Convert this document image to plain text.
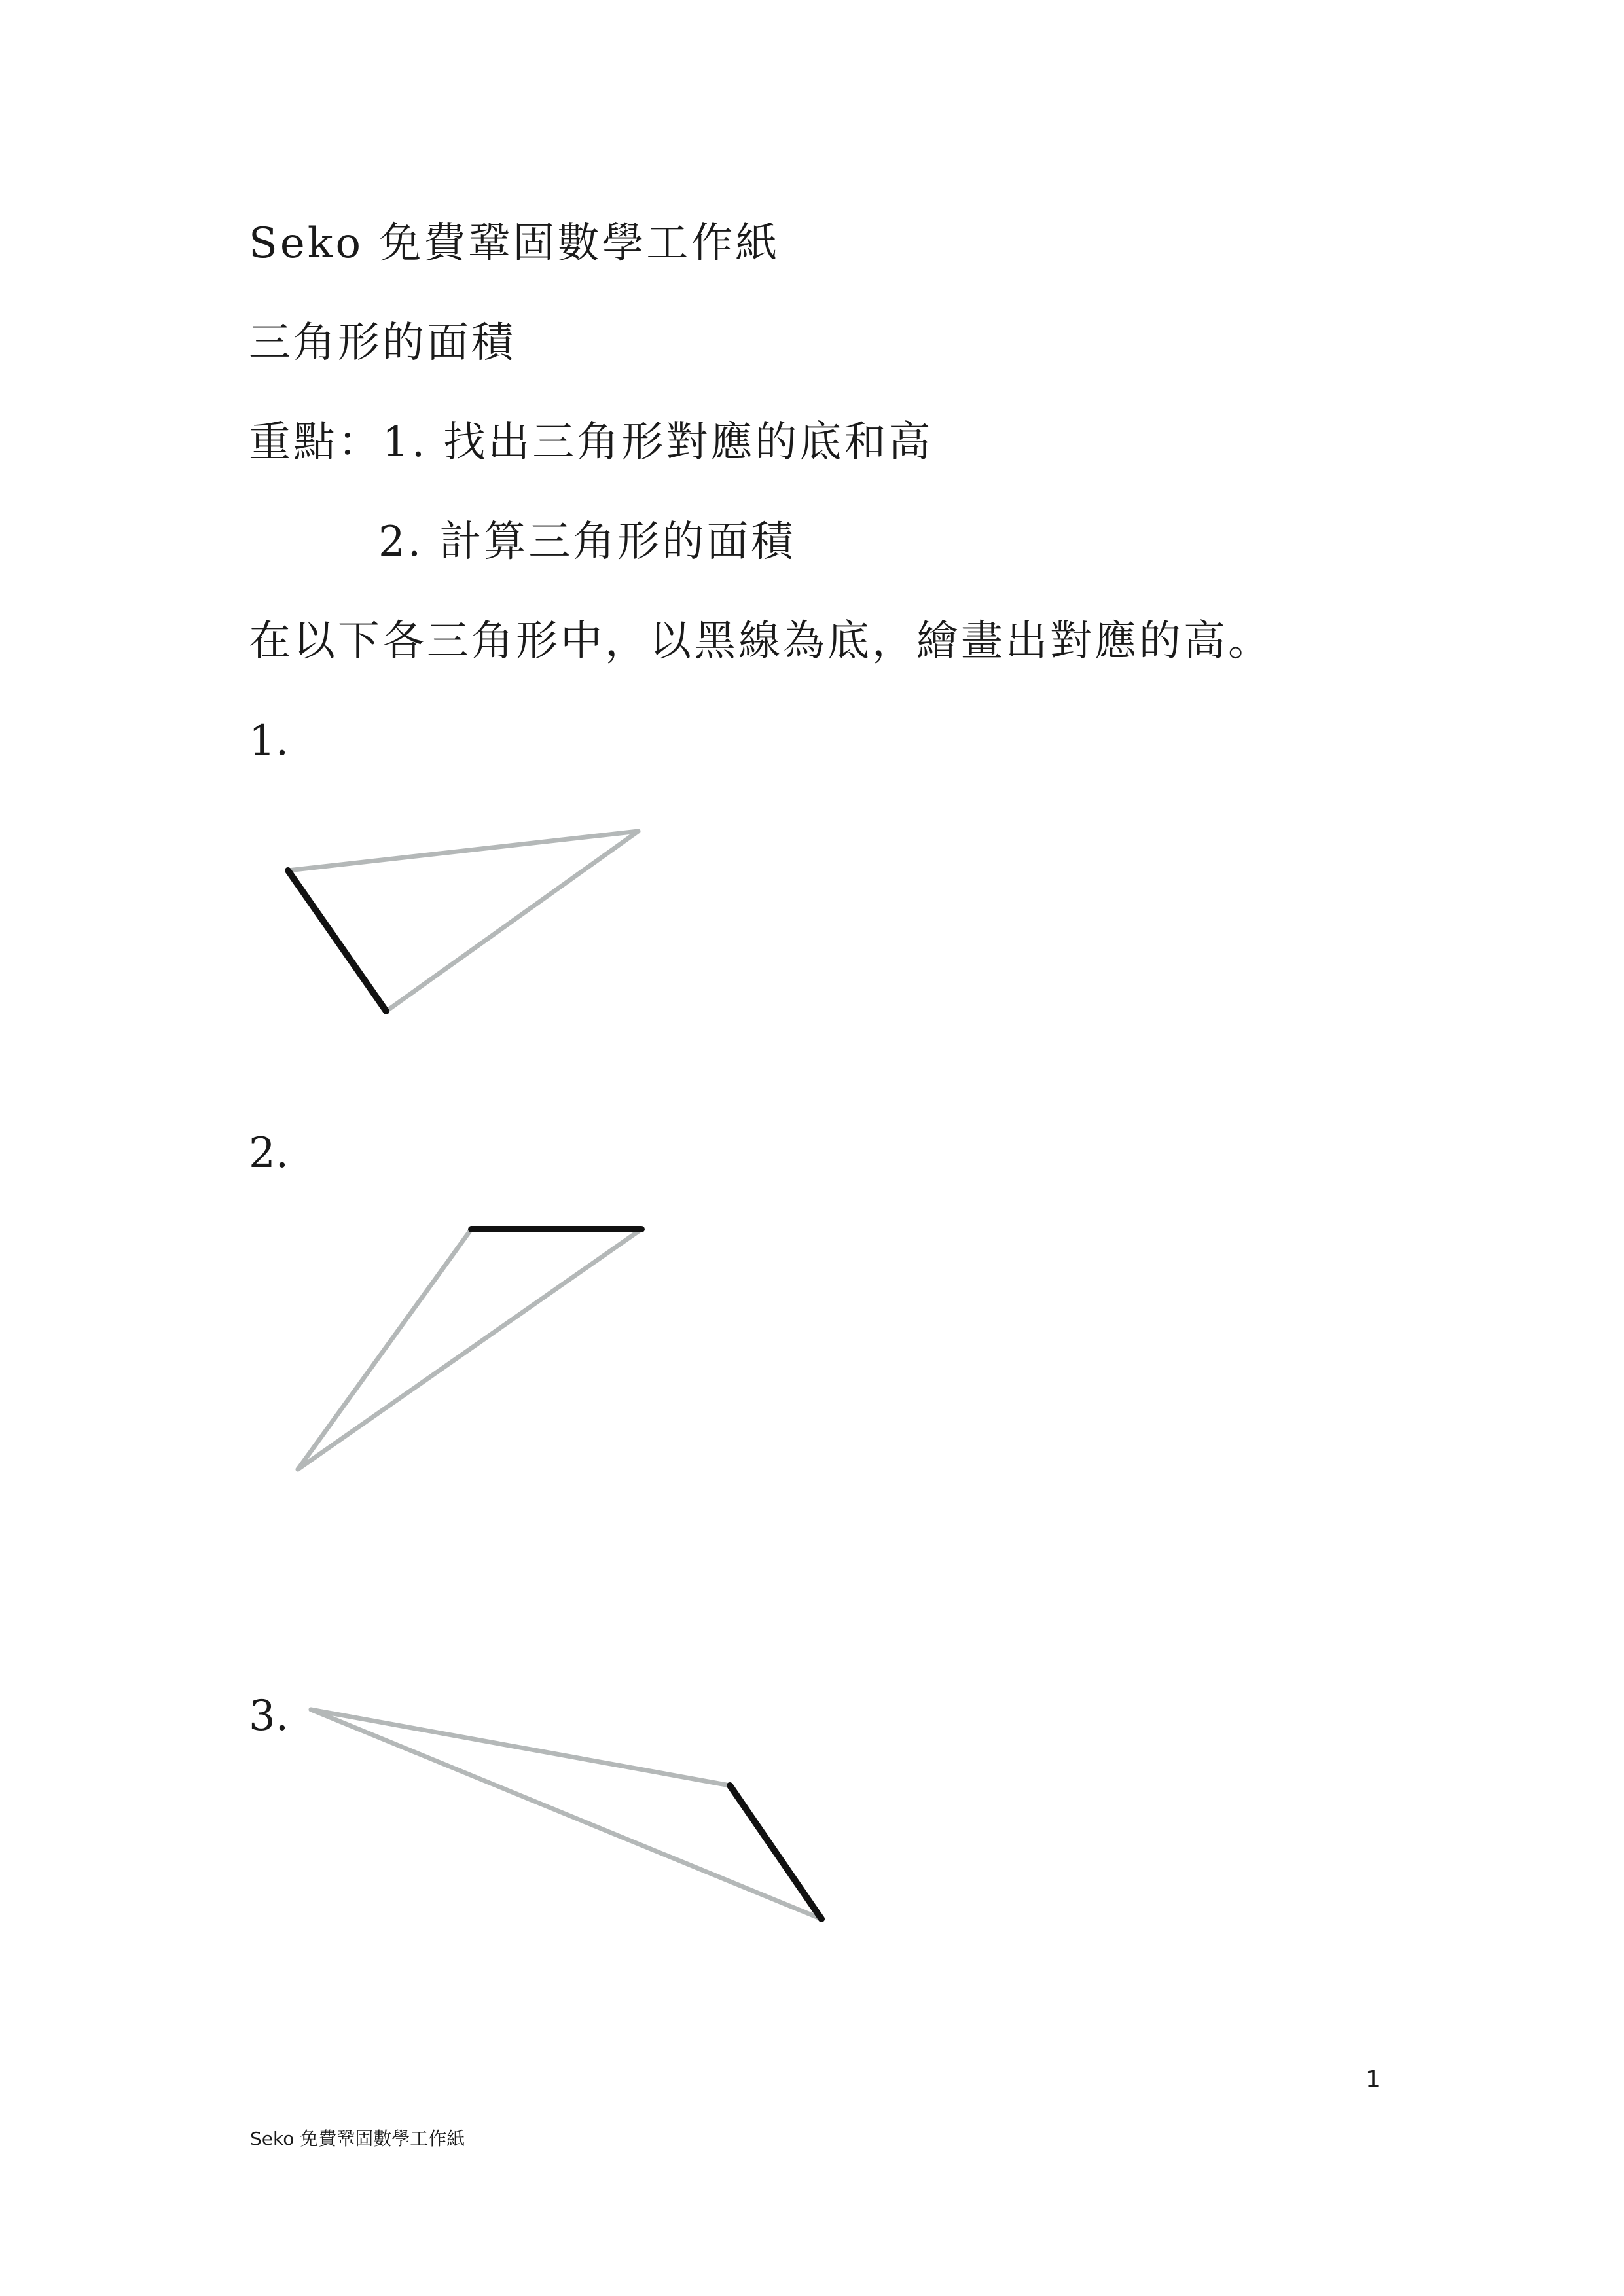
Seko 免費鞏固數學工作紙
三角形的面積
重點：1. 找出三角形對應的底和高
2. 計算三角形的面積
在以下各三角形中，以黑線為底，繪畫出對應的高。
1.
2.
3.
1
Seko 免費鞏固數學工作紙
